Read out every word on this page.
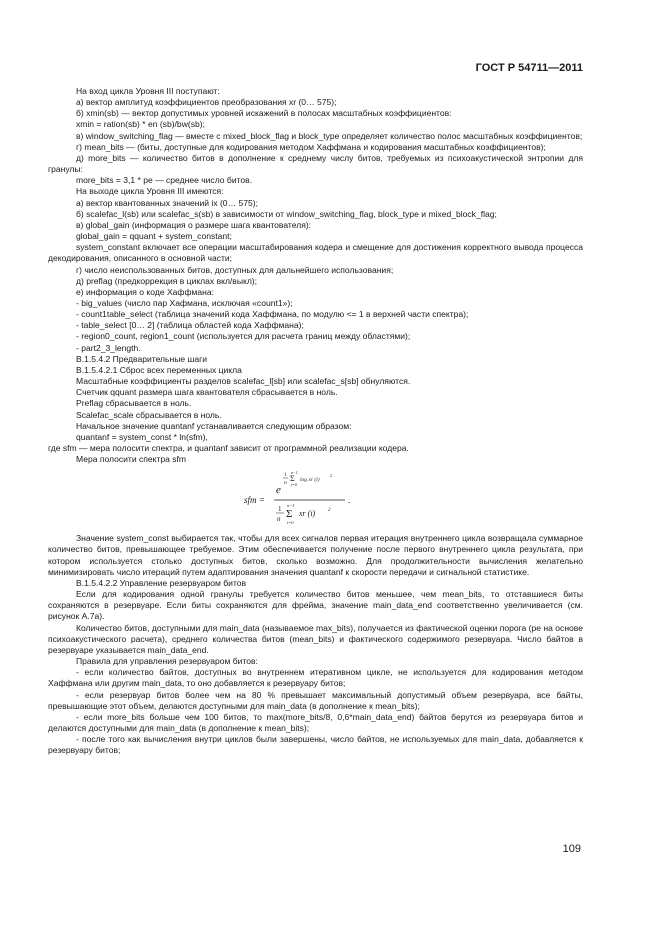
ГОСТ Р 54711—2011

На вход цикла Уровня III поступают:

а) вектор амплитуд коэффициентов преобразования xr (0… 575);

б) xmin(sb) — вектор допустимых уровней искажений в полосах масштабных коэффициентов:

xmin = ration(sb) * en (sb)/bw(sb);

в) window_switching_flag — вместе с mixed_block_flag и block_type определяет количество полос масштабных коэффициентов;

г) mean_bits — (биты, доступные для кодирования методом Хаффмана и кодирования масштабных коэффициентов);

д) more_bits — количество битов в дополнение к среднему числу битов, требуемых из психоакустической энтропии для гранулы:

more_bits = 3,1 * pe — среднее число битов.

На выходе цикла Уровня III имеются:

а) вектор квантованных значений ix (0… 575);

б) scalefac_l(sb) или scalefac_s(sb) в зависимости от window_switching_flag, block_type и mixed_block_flag;

в) global_gain (информация о размере шага квантователя):

global_gain = qquant + system_constant;

system_constant включает все операции масштабирования кодера и смещение для достижения корректного вывода процесса декодирования, описанного в основной части;

г) число неиспользованных битов, доступных для дальнейшего использования;

д) preflag (предкоррекция в циклах вкл/выкл);

е) информация о коде Хаффмана:

- big_values (число пар Хафмана, исключая «count1»);

- count1table_select (таблица значений кода Хаффмана, по модулю <= 1 в верхней части спектра);

- table_select [0… 2] (таблица областей кода Хаффмана);

- region0_count, region1_count (используется для расчета границ между областями);

- part2_3_length.

В.1.5.4.2 Предварительные шаги

В.1.5.4.2.1 Сброс всех переменных цикла

Масштабные коэффициенты разделов scalefac_l[sb] или scalefac_s[sb] обнуляются.

Счетчик qquant размера шага квантователя сбрасывается в ноль.

Preflag сбрасывается в ноль.

Scalefac_scale сбрасывается в ноль.

Начальное значение quantanf устанавливается следующим образом:

quantanf = system_const * ln(sfm),

где sfm — мера полосити спектра, и quantanf зависит от программной реализации кодера.

Мера полосити спектра sfm

sfm =
e
1
n
n−1
Σ
i=0
log xr (i)
2
1
n
n−1
Σ
i=0
xr (i)	2
.

Значение system_const выбирается так, чтобы для всех сигналов первая итерация внутреннего цикла возвращала суммарное количество битов, превышающее требуемое. Этим обеспечивается получение после первого внутреннего цикла результата, при котором используется столько доступных битов, сколько возможно. Для продолжительности вычисления желательно минимизировать число итераций путем адаптирования значения quantanf к скорости передачи и сигнальной статистике.

В.1.5.4.2.2 Управление резервуаром битов

Если для кодирования одной гранулы требуется количество битов меньшее, чем mean_bits, то отставшиеся биты сохраняются в резервуаре. Если биты сохраняются для фрейма, значение main_data_end соответственно увеличивается (см. рисунок А.7а).

Количество битов, доступными для main_data (называемое max_bits), получается из фактической оценки порога (pe на основе психоакустического расчета), среднего количества битов (mean_bits) и фактического содержимого резервуара. Число байтов в резервуаре указывается main_data_end.

Правила для управления резервуаром битов:

- если количество байтов, доступных во внутреннем итеративном цикле, не используется для кодирования методом Хаффмана или другим main_data, то оно добавляется к резервуару битов;

- если резервуар битов более чем на 80 % превышает максимальный допустимый объем резервуара, все байты, превышающие этот объем, делаются доступными для main_data (в дополнение к mean_bits);

- если more_bits больше чем 100 битов, то max(more_bits/8, 0,6*main_data_end) байтов берутся из резервуара битов и делаются доступными для main_data (в дополнение к mean_bits);

- после того как вычисления внутри циклов были завершены, число байтов, не используемых для main_data, добавляется к резервуару битов;

109
